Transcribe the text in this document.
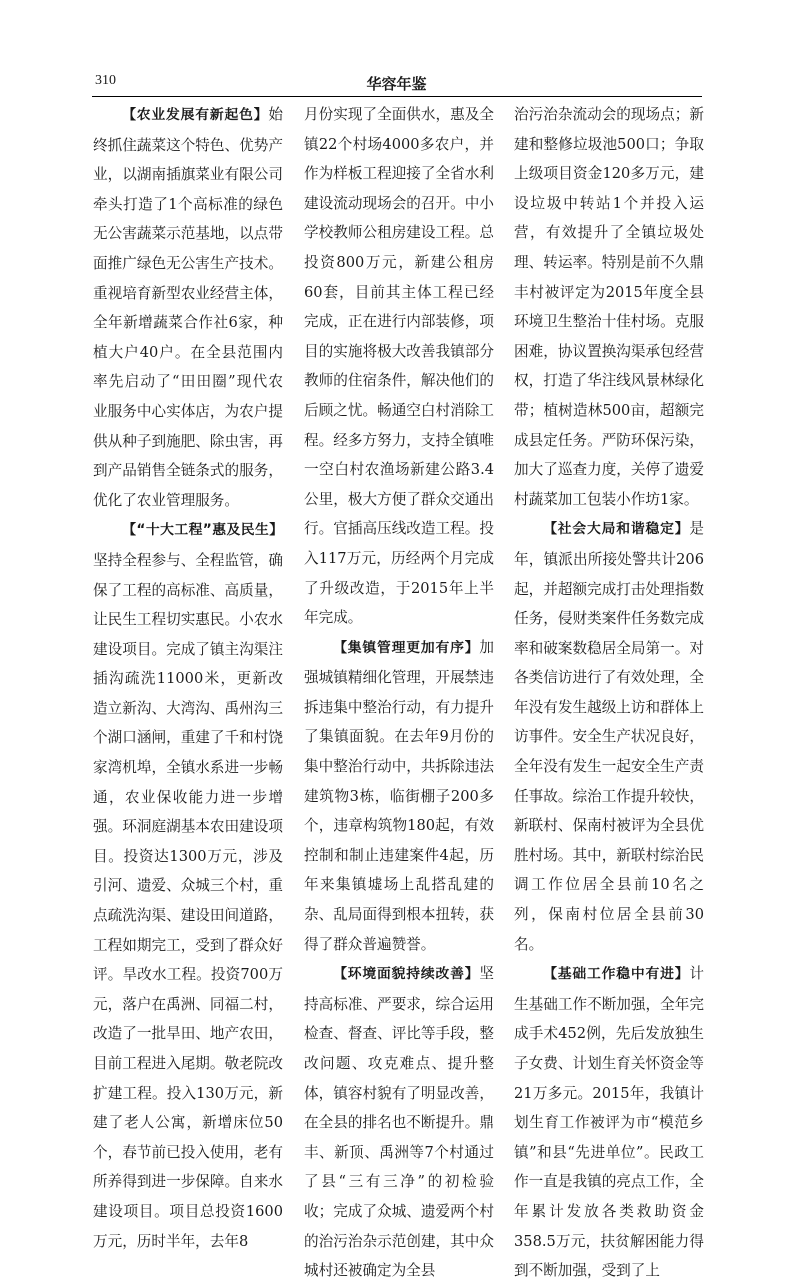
310	华容年鉴

【农业发展有新起色】始终抓住蔬菜这个特色、优势产业，以湖南插旗菜业有限公司牵头打造了1个高标准的绿色无公害蔬菜示范基地，以点带面推广绿色无公害生产技术。重视培育新型农业经营主体，全年新增蔬菜合作社6家，种植大户40户。在全县范围内率先启动了“田田圈”现代农业服务中心实体店，为农户提供从种子到施肥、除虫害，再到产品销售全链条式的服务，优化了农业管理服务。

【“十大工程”惠及民生】坚持全程参与、全程监管，确保了工程的高标准、高质量，让民生工程切实惠民。小农水建设项目。完成了镇主沟渠注插沟疏洗11000米，更新改造立新沟、大湾沟、禹州沟三个湖口涵闸，重建了千和村饶家湾机埠，全镇水系进一步畅通，农业保收能力进一步增强。环洞庭湖基本农田建设项目。投资达1300万元，涉及引河、遗爱、众城三个村，重点疏洗沟渠、建设田间道路，工程如期完工，受到了群众好评。旱改水工程。投资700万元，落户在禹洲、同福二村，改造了一批旱田、地产农田，目前工程进入尾期。敬老院改扩建工程。投入130万元，新建了老人公寓，新增床位50个，春节前已投入使用，老有所养得到进一步保障。自来水建设项目。项目总投资1600万元，历时半年，去年8

月份实现了全面供水，惠及全镇22个村场4000多农户，并作为样板工程迎接了全省水利建设流动现场会的召开。中小学校教师公租房建设工程。总投资800万元，新建公租房60套，目前其主体工程已经完成，正在进行内部装修，项目的实施将极大改善我镇部分教师的住宿条件，解决他们的后顾之忧。畅通空白村消除工程。经多方努力，支持全镇唯一空白村农渔场新建公路3.4公里，极大方便了群众交通出行。官插高压线改造工程。投入117万元，历经两个月完成了升级改造，于2015年上半年完成。

【集镇管理更加有序】加强城镇精细化管理，开展禁违拆违集中整治行动，有力提升了集镇面貌。在去年9月份的集中整治行动中，共拆除违法建筑物3栋，临街棚子200多个，违章构筑物180起，有效控制和制止违建案件4起，历年来集镇墟场上乱搭乱建的杂、乱局面得到根本扭转，获得了群众普遍赞誉。

【环境面貌持续改善】坚持高标准、严要求，综合运用检查、督查、评比等手段，整改问题、攻克难点、提升整体，镇容村貌有了明显改善，在全县的排名也不断提升。鼎丰、新顶、禹洲等7个村通过了县“三有三净”的初检验收；完成了众城、遗爱两个村的治污治杂示范创建，其中众城村还被确定为全县

治污治杂流动会的现场点；新建和整修垃圾池500口；争取上级项目资金120多万元，建设垃圾中转站1个并投入运营，有效提升了全镇垃圾处理、转运率。特别是前不久鼎丰村被评定为2015年度全县环境卫生整治十佳村场。克服困难，协议置换沟渠承包经营权，打造了华注线风景林绿化带；植树造林500亩，超额完成县定任务。严防环保污染，加大了巡查力度，关停了遗爱村蔬菜加工包装小作坊1家。

【社会大局和谐稳定】是年，镇派出所接处警共计206起，并超额完成打击处理指数任务，侵财类案件任务数完成率和破案数稳居全局第一。对各类信访进行了有效处理，全年没有发生越级上访和群体上访事件。安全生产状况良好，全年没有发生一起安全生产责任事故。综治工作提升较快，新联村、保南村被评为全县优胜村场。其中，新联村综治民调工作位居全县前10名之列，保南村位居全县前30名。

【基础工作稳中有进】计生基础工作不断加强，全年完成手术452例，先后发放独生子女费、计划生育关怀资金等21万多元。2015年，我镇计划生育工作被评为市“模范乡镇”和县“先进单位”。民政工作一直是我镇的亮点工作，全年累计发放各类救助资金358.5万元，扶贫解困能力得到不断加强，受到了上
